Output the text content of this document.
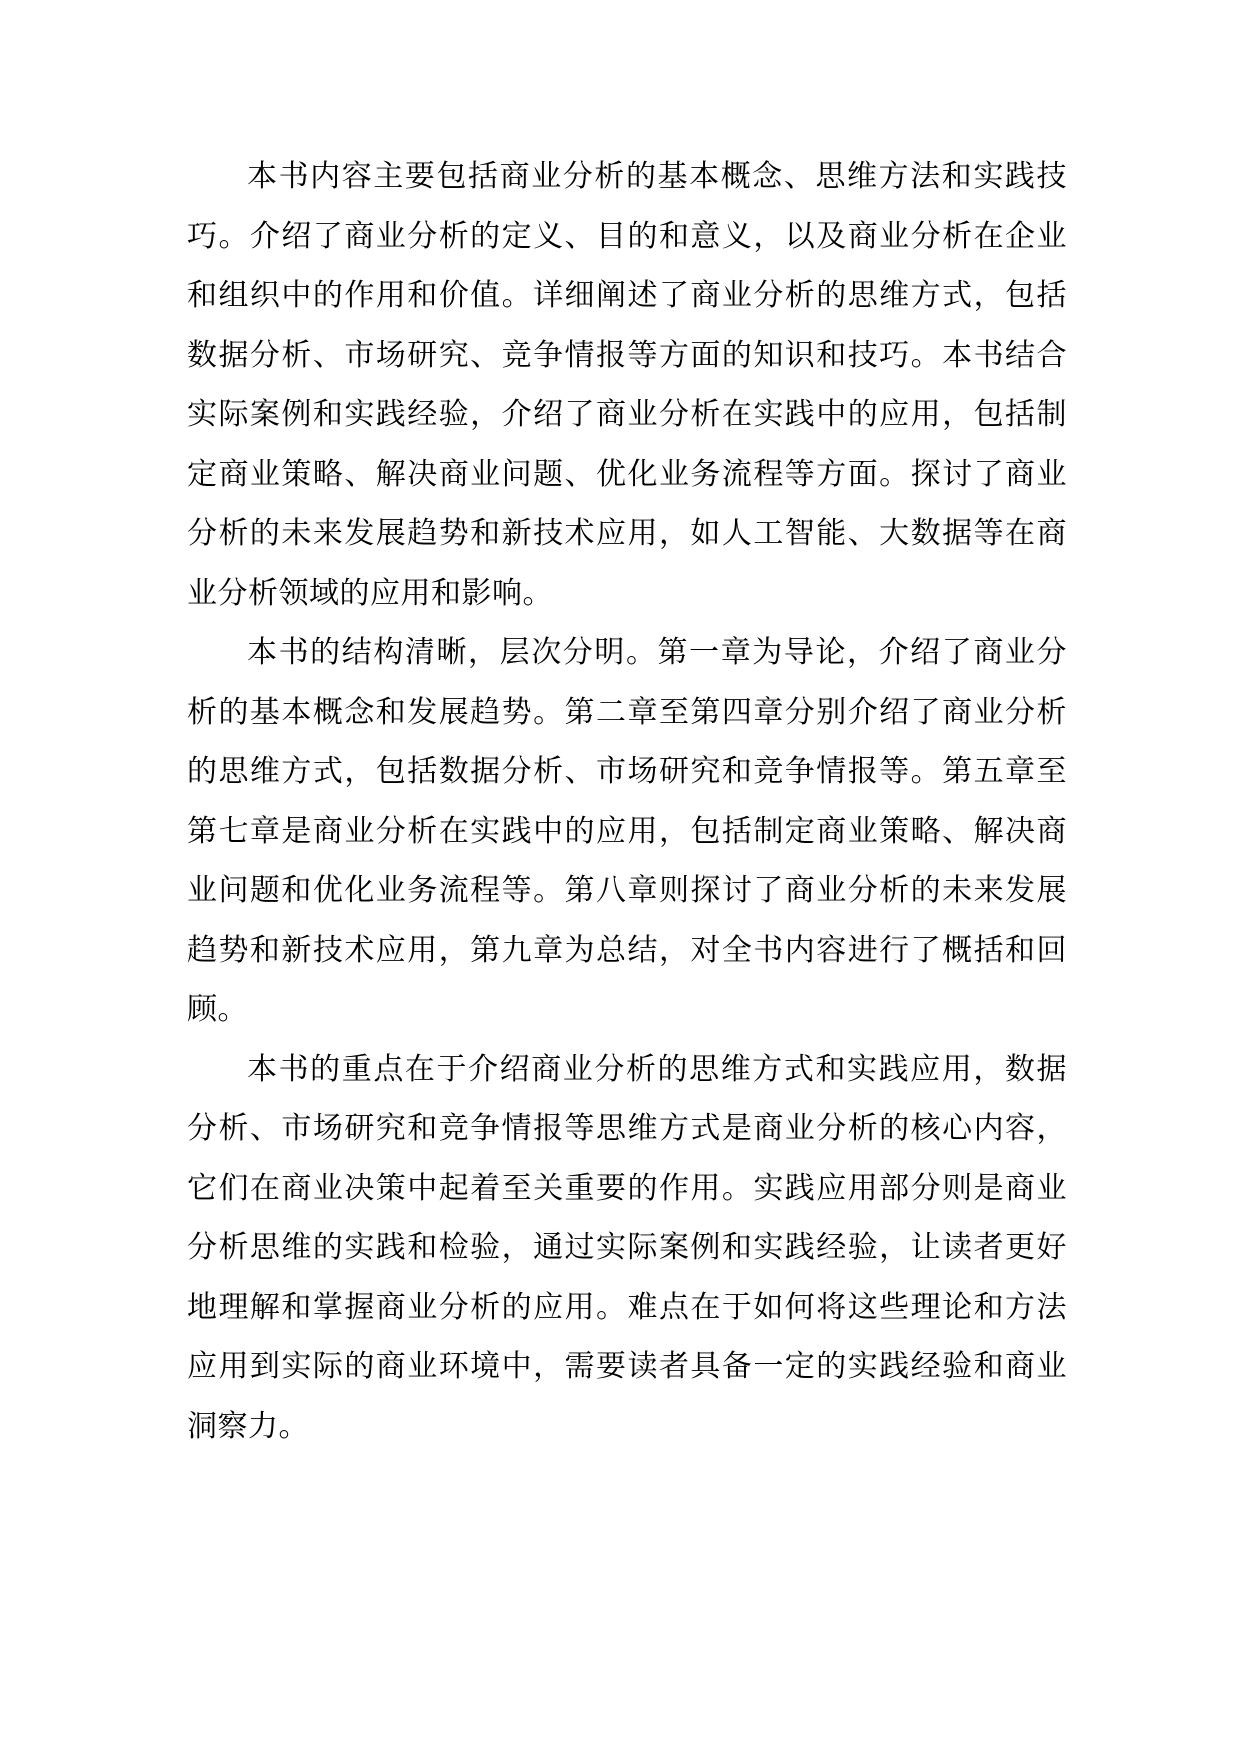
本书内容主要包括商业分析的基本概念、思维方法和实践技巧。介绍了商业分析的定义、目的和意义，以及商业分析在企业和组织中的作用和价值。详细阐述了商业分析的思维方式，包括数据分析、市场研究、竞争情报等方面的知识和技巧。本书结合实际案例和实践经验，介绍了商业分析在实践中的应用，包括制定商业策略、解决商业问题、优化业务流程等方面。探讨了商业分析的未来发展趋势和新技术应用，如人工智能、大数据等在商业分析领域的应用和影响。

本书的结构清晰，层次分明。第一章为导论，介绍了商业分析的基本概念和发展趋势。第二章至第四章分别介绍了商业分析的思维方式，包括数据分析、市场研究和竞争情报等。第五章至第七章是商业分析在实践中的应用，包括制定商业策略、解决商业问题和优化业务流程等。第八章则探讨了商业分析的未来发展趋势和新技术应用，第九章为总结，对全书内容进行了概括和回顾。

本书的重点在于介绍商业分析的思维方式和实践应用，数据分析、市场研究和竞争情报等思维方式是商业分析的核心内容，它们在商业决策中起着至关重要的作用。实践应用部分则是商业分析思维的实践和检验，通过实际案例和实践经验，让读者更好地理解和掌握商业分析的应用。难点在于如何将这些理论和方法应用到实际的商业环境中，需要读者具备一定的实践经验和商业洞察力。
